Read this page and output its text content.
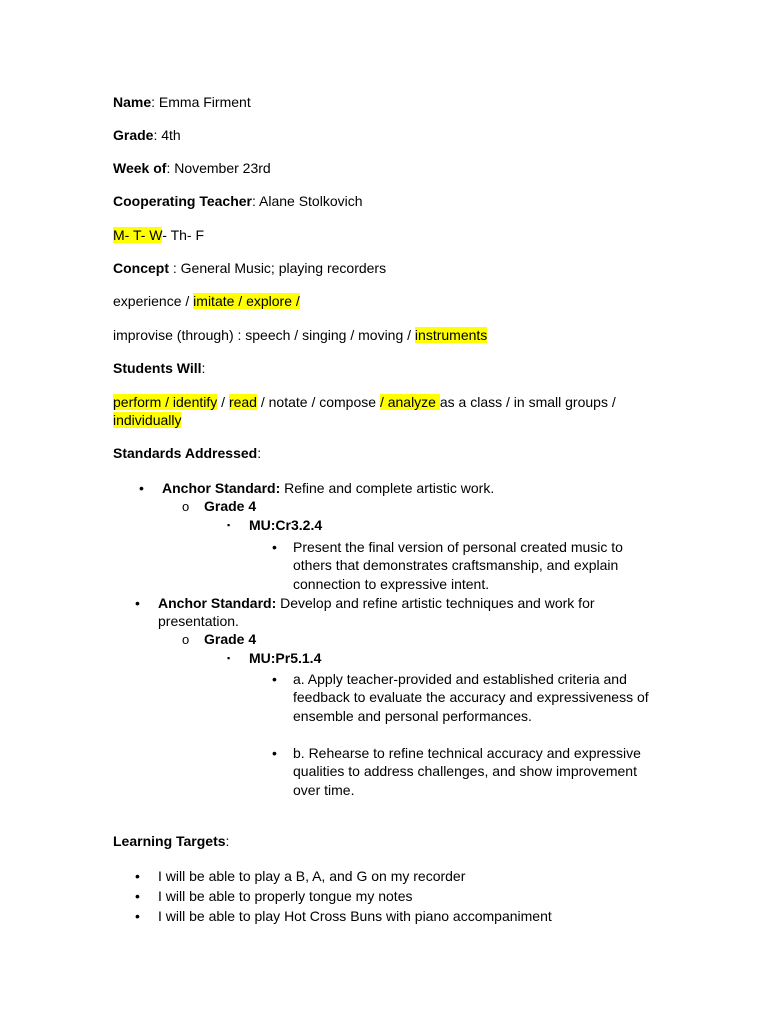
Name: Emma Firment
Grade: 4th
Week of: November 23rd
Cooperating Teacher: Alane Stolkovich
M- T- W- Th- F
Concept : General Music; playing recorders
experience / imitate / explore /
improvise (through) : speech / singing / moving / instruments
Students Will:
perform / identify / read / notate / compose / analyze as a class / in small groups / individually
Standards Addressed:
• Anchor Standard: Refine and complete artistic work.
o Grade 4
▪ MU:Cr3.2.4
• Present the final version of personal created music to others that demonstrates craftsmanship, and explain connection to expressive intent.
• Anchor Standard: Develop and refine artistic techniques and work for presentation.
o Grade 4
▪ MU:Pr5.1.4
• a. Apply teacher-provided and established criteria and feedback to evaluate the accuracy and expressiveness of ensemble and personal performances.
• b. Rehearse to refine technical accuracy and expressive qualities to address challenges, and show improvement over time.
Learning Targets:
• I will be able to play a B, A, and G on my recorder
• I will be able to properly tongue my notes
• I will be able to play Hot Cross Buns with piano accompaniment
